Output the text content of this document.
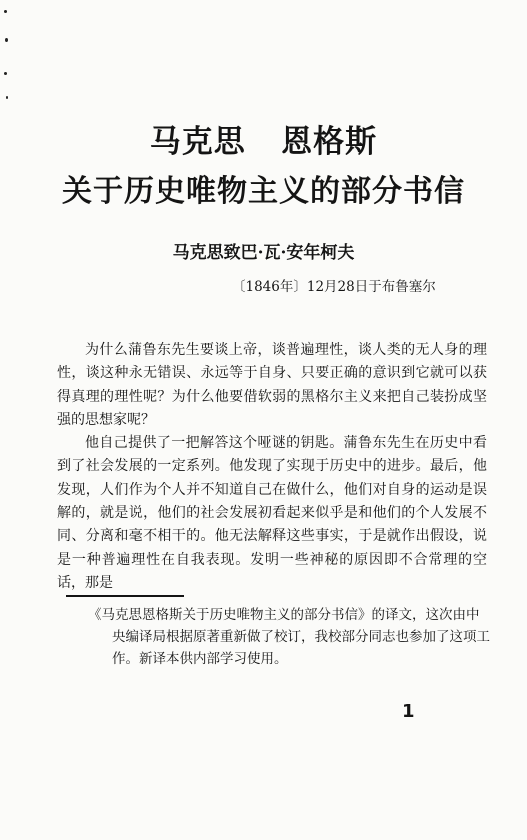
马克思   恩格斯
关于历史唯物主义的部分书信
马克思致巴·瓦·安年柯夫
〔1846年〕12月28日于布鲁塞尔

为什么蒲鲁东先生要谈上帝，谈普遍理性，谈人类的无人身的理性，谈这种永无错误、永远等于自身、只要正确的意识到它就可以获得真理的理性呢？为什么他要借软弱的黑格尔主义来把自己装扮成坚强的思想家呢？

他自己提供了一把解答这个哑谜的钥匙。蒲鲁东先生在历史中看到了社会发展的一定系列。他发现了实现于历史中的进步。最后，他发现，人们作为个人并不知道自己在做什么，他们对自身的运动是误解的，就是说，他们的社会发展初看起来似乎是和他们的个人发展不同、分离和毫不相干的。他无法解释这些事实，于是就作出假设，说是一种普遍理性在自我表现。发明一些神秘的原因即不合常理的空话，那是

《马克思恩格斯关于历史唯物主义的部分书信》的译文，这次由中央编译局根据原著重新做了校订，我校部分同志也参加了这项工作。新译本供内部学习使用。
1
